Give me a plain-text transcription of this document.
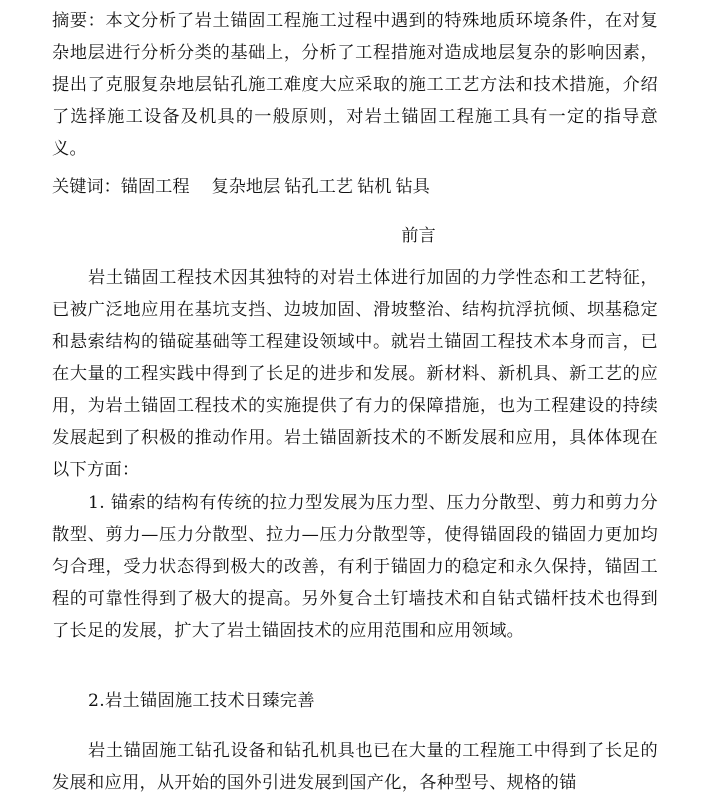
摘要：本文分析了岩土锚固工程施工过程中遇到的特殊地质环境条件，在对复杂地层进行分析分类的基础上，分析了工程措施对造成地层复杂的影响因素，提出了克服复杂地层钻孔施工难度大应采取的施工工艺方法和技术措施，介绍了选择施工设备及机具的一般原则，对岩土锚固工程施工具有一定的指导意义。

关键词：锚固工程 复杂地层 钻孔工艺 钻机 钻具

前言

岩土锚固工程技术因其独特的对岩土体进行加固的力学性态和工艺特征，已被广泛地应用在基坑支挡、边坡加固、滑坡整治、结构抗浮抗倾、坝基稳定和悬索结构的锚碇基础等工程建设领域中。就岩土锚固工程技术本身而言，已在大量的工程实践中得到了长足的进步和发展。新材料、新机具、新工艺的应用，为岩土锚固工程技术的实施提供了有力的保障措施，也为工程建设的持续发展起到了积极的推动作用。岩土锚固新技术的不断发展和应用，具体体现在以下方面：

1. 锚索的结构有传统的拉力型发展为压力型、压力分散型、剪力和剪力分散型、剪力—压力分散型、拉力—压力分散型等，使得锚固段的锚固力更加均匀合理，受力状态得到极大的改善，有利于锚固力的稳定和永久保持，锚固工程的可靠性得到了极大的提高。另外复合土钉墙技术和自钻式锚杆技术也得到了长足的发展，扩大了岩土锚固技术的应用范围和应用领域。

2.岩土锚固施工技术日臻完善

岩土锚固施工钻孔设备和钻孔机具也已在大量的工程施工中得到了长足的发展和应用，从开始的国外引进发展到国产化，各种型号、规格的锚
